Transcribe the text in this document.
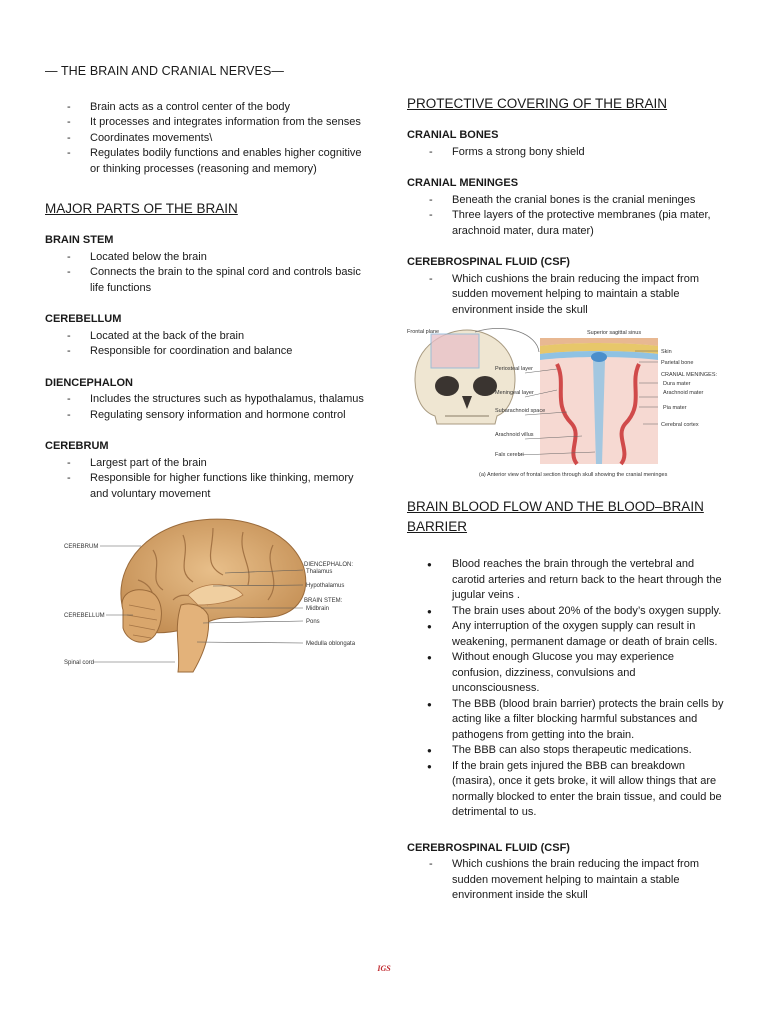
— THE BRAIN AND CRANIAL NERVES—
- Brain acts as a control center of the body
- It processes and integrates information from the senses
- Coordinates movements\
- Regulates bodily functions and enables higher cognitive or thinking processes (reasoning and memory)
MAJOR PARTS OF THE BRAIN
BRAIN STEM
- Located below the brain
- Connects the brain to the spinal cord and controls basic life functions
CEREBELLUM
- Located at the back of the brain
- Responsible for coordination and balance
DIENCEPHALON
- Includes the structures such as hypothalamus, thalamus
- Regulating sensory information and hormone control
CEREBRUM
- Largest part of the brain
- Responsible for higher functions like thinking, memory and voluntary movement
CEREBRUM
CEREBELLUM
Spinal cord
DIENCEPHALON:
Thalamus
Hypothalamus
BRAIN STEM:
Midbrain
Pons
Medulla oblongata
PROTECTIVE COVERING OF THE BRAIN
CRANIAL BONES
- Forms a strong bony shield
CRANIAL MENINGES
- Beneath the cranial bones is the cranial meninges
- Three layers of the protective membranes (pia mater, arachnoid mater, dura mater)
CEREBROSPINAL FLUID (CSF)
- Which cushions the brain reducing the impact from sudden movement helping to maintain a stable environment inside the skull
Frontal plane	Superior sagittal sinus
Skin
Parietal bone
CRANIAL MENINGES:
Dura mater
Arachnoid mater
Pia mater
Cerebral cortex
Periosteal layer
Meningeal layer
Subarachnoid space
Arachnoid villus
Falx cerebri
(a) Anterior view of frontal section through skull showing the cranial meninges
BRAIN BLOOD FLOW AND THE BLOOD–BRAIN BARRIER
● Blood reaches the brain through the vertebral and carotid arteries and return back to the heart through the jugular veins .
● The brain uses about 20% of the body’s oxygen supply.
● Any interruption of the oxygen supply can result in weakening, permanent damage or death of brain cells.
● Without enough Glucose you may experience confusion, dizziness, convulsions and unconsciousness.
● The BBB (blood brain barrier) protects the brain cells by acting like a filter blocking harmful substances and pathogens from getting into the brain.
● The BBB can also stops therapeutic medications.
● If the brain gets injured the BBB can breakdown (masira), once it gets broke, it will allow things that are normally blocked to enter the brain tissue, and could be detrimental to us.
CEREBROSPINAL FLUID (CSF)
- Which cushions the brain reducing the impact from sudden movement helping to maintain a stable environment inside the skull
IGS
